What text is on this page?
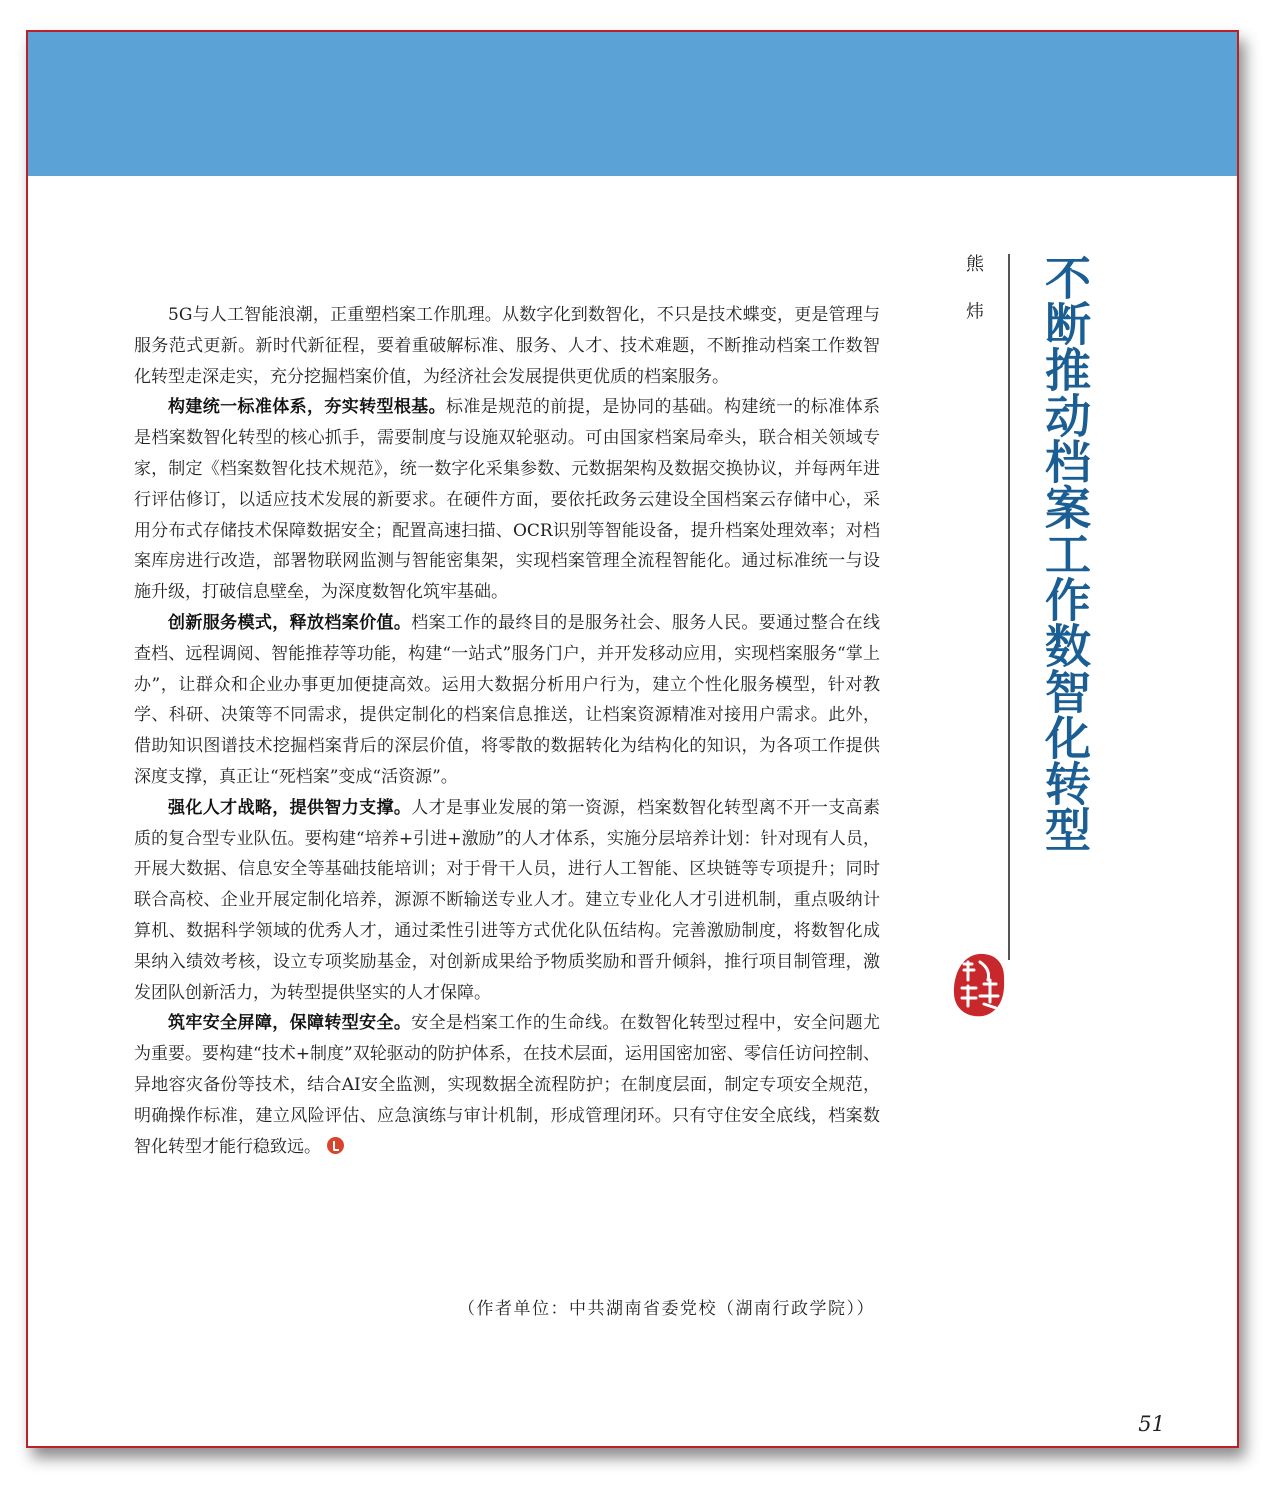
5G与人工智能浪潮，正重塑档案工作肌理。从数字化到数智化，不只是技术蝶变，更是管理与服务范式更新。新时代新征程，要着重破解标准、服务、人才、技术难题，不断推动档案工作数智化转型走深走实，充分挖掘档案价值，为经济社会发展提供更优质的档案服务。

构建统一标准体系，夯实转型根基。标准是规范的前提，是协同的基础。构建统一的标准体系是档案数智化转型的核心抓手，需要制度与设施双轮驱动。可由国家档案局牵头，联合相关领域专家，制定《档案数智化技术规范》，统一数字化采集参数、元数据架构及数据交换协议，并每两年进行评估修订，以适应技术发展的新要求。在硬件方面，要依托政务云建设全国档案云存储中心，采用分布式存储技术保障数据安全；配置高速扫描、OCR识别等智能设备，提升档案处理效率；对档案库房进行改造，部署物联网监测与智能密集架，实现档案管理全流程智能化。通过标准统一与设施升级，打破信息壁垒，为深度数智化筑牢基础。

创新服务模式，释放档案价值。档案工作的最终目的是服务社会、服务人民。要通过整合在线查档、远程调阅、智能推荐等功能，构建“一站式”服务门户，并开发移动应用，实现档案服务“掌上办”，让群众和企业办事更加便捷高效。运用大数据分析用户行为，建立个性化服务模型，针对教学、科研、决策等不同需求，提供定制化的档案信息推送，让档案资源精准对接用户需求。此外，借助知识图谱技术挖掘档案背后的深层价值，将零散的数据转化为结构化的知识，为各项工作提供深度支撑，真正让“死档案”变成“活资源”。

强化人才战略，提供智力支撑。人才是事业发展的第一资源，档案数智化转型离不开一支高素质的复合型专业队伍。要构建“培养+引进+激励”的人才体系，实施分层培养计划：针对现有人员，开展大数据、信息安全等基础技能培训；对于骨干人员，进行人工智能、区块链等专项提升；同时联合高校、企业开展定制化培养，源源不断输送专业人才。建立专业化人才引进机制，重点吸纳计算机、数据科学领域的优秀人才，通过柔性引进等方式优化队伍结构。完善激励制度，将数智化成果纳入绩效考核，设立专项奖励基金，对创新成果给予物质奖励和晋升倾斜，推行项目制管理，激发团队创新活力，为转型提供坚实的人才保障。

筑牢安全屏障，保障转型安全。安全是档案工作的生命线。在数智化转型过程中，安全问题尤为重要。要构建“技术+制度”双轮驱动的防护体系，在技术层面，运用国密加密、零信任访问控制、异地容灾备份等技术，结合AI安全监测，实现数据全流程防护；在制度层面，制定专项安全规范，明确操作标准，建立风险评估、应急演练与审计机制，形成管理闭环。只有守住安全底线，档案数智化转型才能行稳致远。

（作者单位：中共湖南省委党校（湖南行政学院））
熊 炜 不断推动档案工作数智化转型
51
